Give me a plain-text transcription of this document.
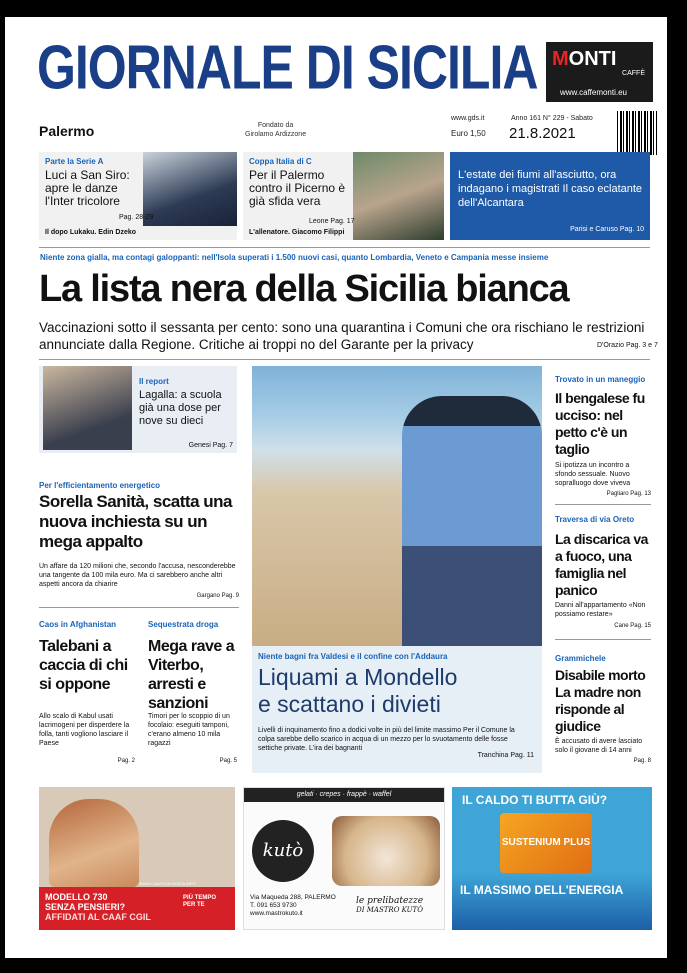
GIORNALE DI SICILIA MONTI
CAFFÈ
www.caffemonti.eu
Palermo	Fondato da
Girolamo Ardizzone
www.gds.it	Anno 161 N° 229 - Sabato
Euro 1,50 21.8.2021
Parte la Serie A
Luci a San Siro: apre le danze l'Inter tricolore
Il dopo Lukaku. Edin Dzeko
Pag. 28-29
Coppa Italia di C
Per il Palermo contro il Picerno è già sfida vera
L'allenatore. Giacomo Filippi
Leone Pag. 17
L'estate dei fiumi all'asciutto, ora indagano i magistrati Il caso eclatante dell'Alcantara
Parisi e Caruso Pag. 10
Niente zona gialla, ma contagi galoppanti: nell'Isola superati i 1.500 nuovi casi, quanto Lombardia, Veneto e Campania messe insieme
La lista nera della Sicilia bianca
Vaccinazioni sotto il sessanta per cento: sono una quarantina i Comuni che ora rischiano le restrizioni annunciate dalla Regione. Critiche ai troppi no del Garante per la privacy	D'Orazio Pag. 3 e 7
Il report
Lagalla: a scuola già una dose per nove su dieci
Genesi Pag. 7
Per l'efficientamento energetico
Sorella Sanità, scatta una nuova inchiesta su un mega appalto
Un affare da 120 milioni che, secondo l'accusa, nesconderebbe una tangente da 100 mila euro. Ma ci sarebbero anche altri aspetti ancora da chiarire
Gargano Pag. 9
Caos in Afghanistan
Talebani a caccia di chi si oppone
Allo scalo di Kabul usati lacrimogeni per disperdere la folla, tanti vogliono lasciare il Paese
Pag. 2
Sequestrata droga
Mega rave a Viterbo, arresti e sanzioni
Timori per lo scoppio di un focolaio: eseguiti tamponi, c'erano almeno 10 mila ragazzi
Pag. 5
Niente bagni fra Valdesi e il confine con l'Addaura
Liquami a Mondello
e scattano i divieti
Livelli di inquinamento fino a dodici volte in più del limite massimo Per il Comune la colpa sarebbe dello scarico in acqua di un mezzo per lo svuotamento delle fosse settiche private. L'ira dei bagnanti
Tranchina Pag. 11
Trovato in un maneggio
Il bengalese fu ucciso: nel petto c'è un taglio
Si ipotizza un incontro a sfondo sessuale. Nuovo sopralluogo dove viveva
Pagliaro Pag. 13
Traversa di via Oreto
La discarica va a fuoco, una famiglia nel panico
Danni all'appartamento «Non possiamo restare»
Cane Pag. 15
Grammichele
Disabile morto La madre non risponde al giudice
È accusato di avere lasciato solo il giovane di 14 anni
Pag. 8
WWW.CAAFCGILSICILIA.INFO
MODELLO 730
SENZA PENSIERI?
AFFIDATI AL CAAF CGIL
PIÙ TEMPO PER TE
gelati · crepes · frappè · waffel
kutò
Via Maqueda 288, PALERMO
T. 091 653 9730
www.mastrokuto.it
le prelibatezze
DI MASTRO KUTÒ
IL CALDO TI BUTTA GIÙ?
SUSTENIUM PLUS
IL MASSIMO DELL'ENERGIA
